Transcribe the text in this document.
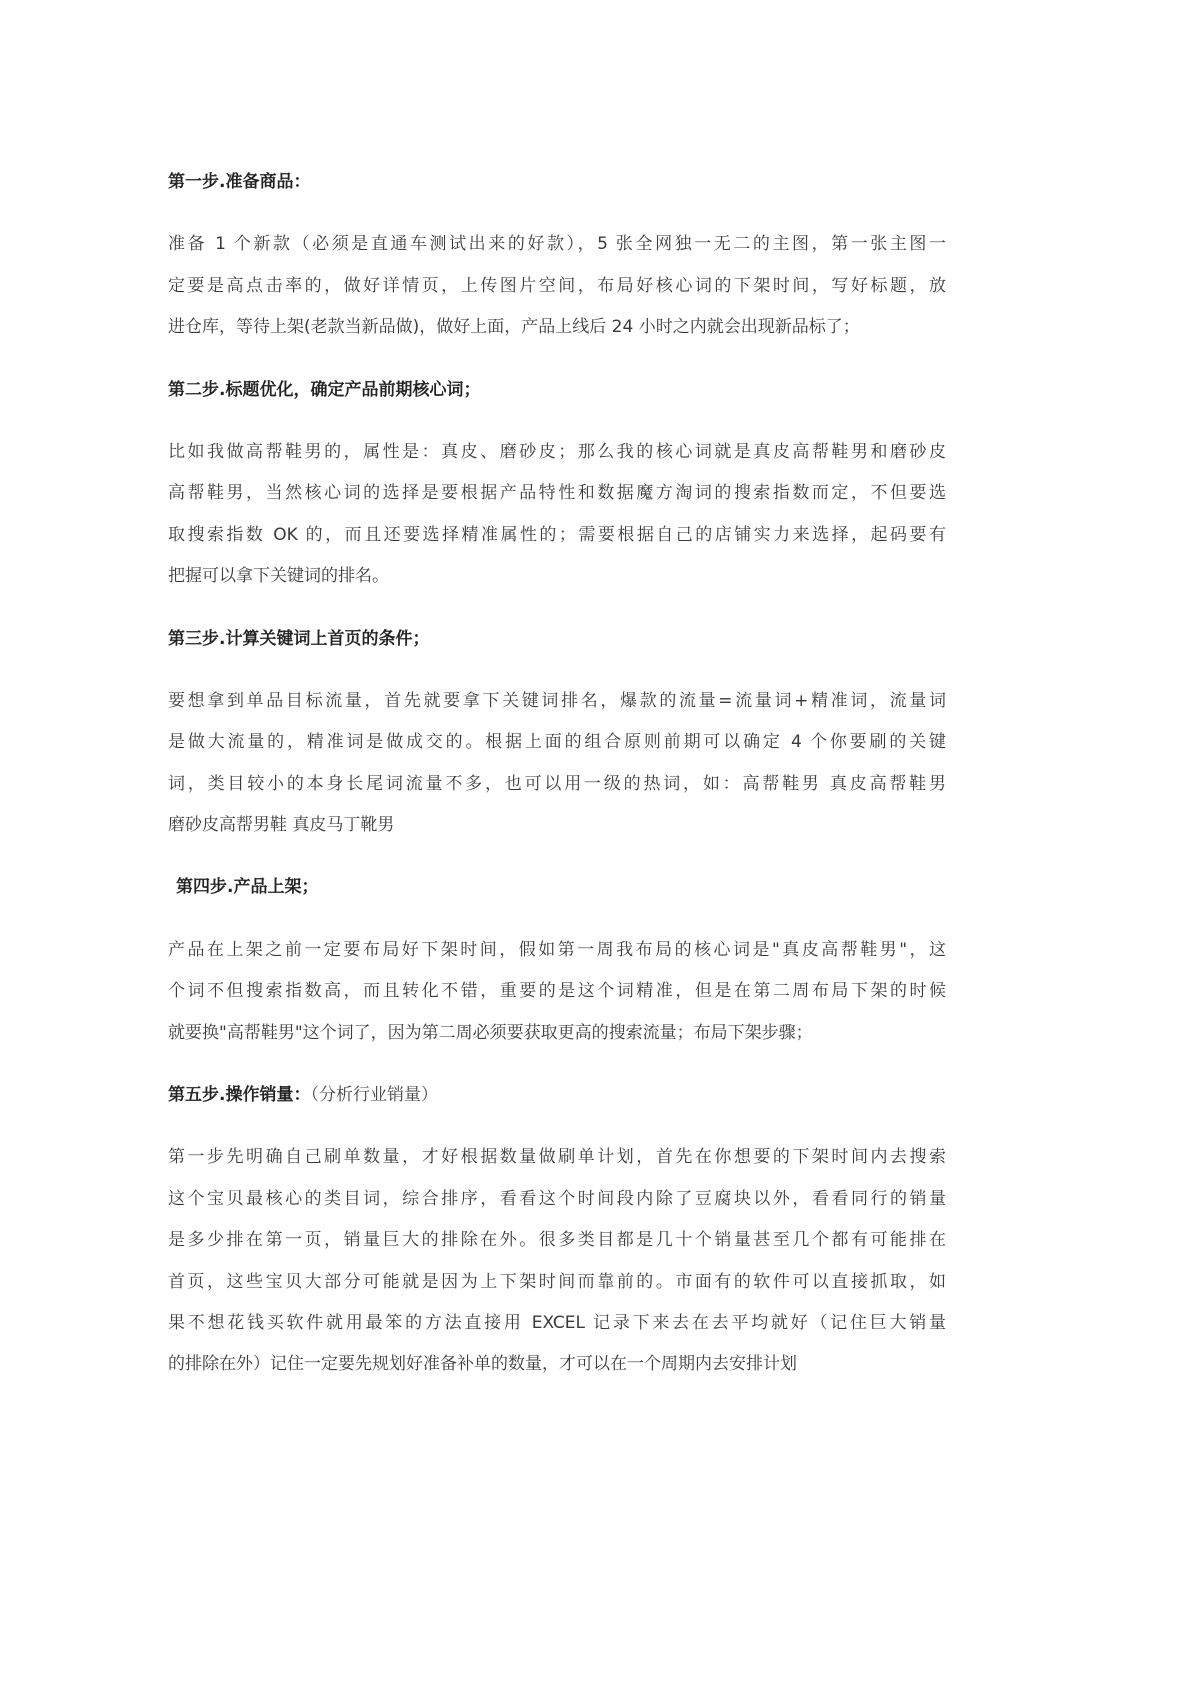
第一步.准备商品：
准备 1 个新款（必须是直通车测试出来的好款），5 张全网独一无二的主图，第一张主图一
定要是高点击率的，做好详情页，上传图片空间，布局好核心词的下架时间，写好标题，放
进仓库，等待上架(老款当新品做)，做好上面，产品上线后 24 小时之内就会出现新品标了；
第二步.标题优化，确定产品前期核心词；
比如我做高帮鞋男的，属性是：真皮、磨砂皮；那么我的核心词就是真皮高帮鞋男和磨砂皮
高帮鞋男，当然核心词的选择是要根据产品特性和数据魔方淘词的搜索指数而定，不但要选
取搜索指数 OK 的，而且还要选择精准属性的；需要根据自己的店铺实力来选择，起码要有
把握可以拿下关键词的排名。
第三步.计算关键词上首页的条件；
要想拿到单品目标流量，首先就要拿下关键词排名，爆款的流量=流量词+精准词，流量词
是做大流量的，精准词是做成交的。根据上面的组合原则前期可以确定 4 个你要刷的关键
词，类目较小的本身长尾词流量不多，也可以用一级的热词，如：高帮鞋男 真皮高帮鞋男
磨砂皮高帮男鞋 真皮马丁靴男
第四步.产品上架；
产品在上架之前一定要布局好下架时间，假如第一周我布局的核心词是"真皮高帮鞋男"，这
个词不但搜索指数高，而且转化不错，重要的是这个词精准，但是在第二周布局下架的时候
就要换"高帮鞋男"这个词了，因为第二周必须要获取更高的搜索流量；布局下架步骤；
第五步.操作销量：（分析行业销量）
第一步先明确自己刷单数量，才好根据数量做刷单计划，首先在你想要的下架时间内去搜索
这个宝贝最核心的类目词，综合排序，看看这个时间段内除了豆腐块以外，看看同行的销量
是多少排在第一页，销量巨大的排除在外。很多类目都是几十个销量甚至几个都有可能排在
首页，这些宝贝大部分可能就是因为上下架时间而靠前的。市面有的软件可以直接抓取，如
果不想花钱买软件就用最笨的方法直接用 EXCEL 记录下来去在去平均就好（记住巨大销量
的排除在外）记住一定要先规划好准备补单的数量，才可以在一个周期内去安排计划
